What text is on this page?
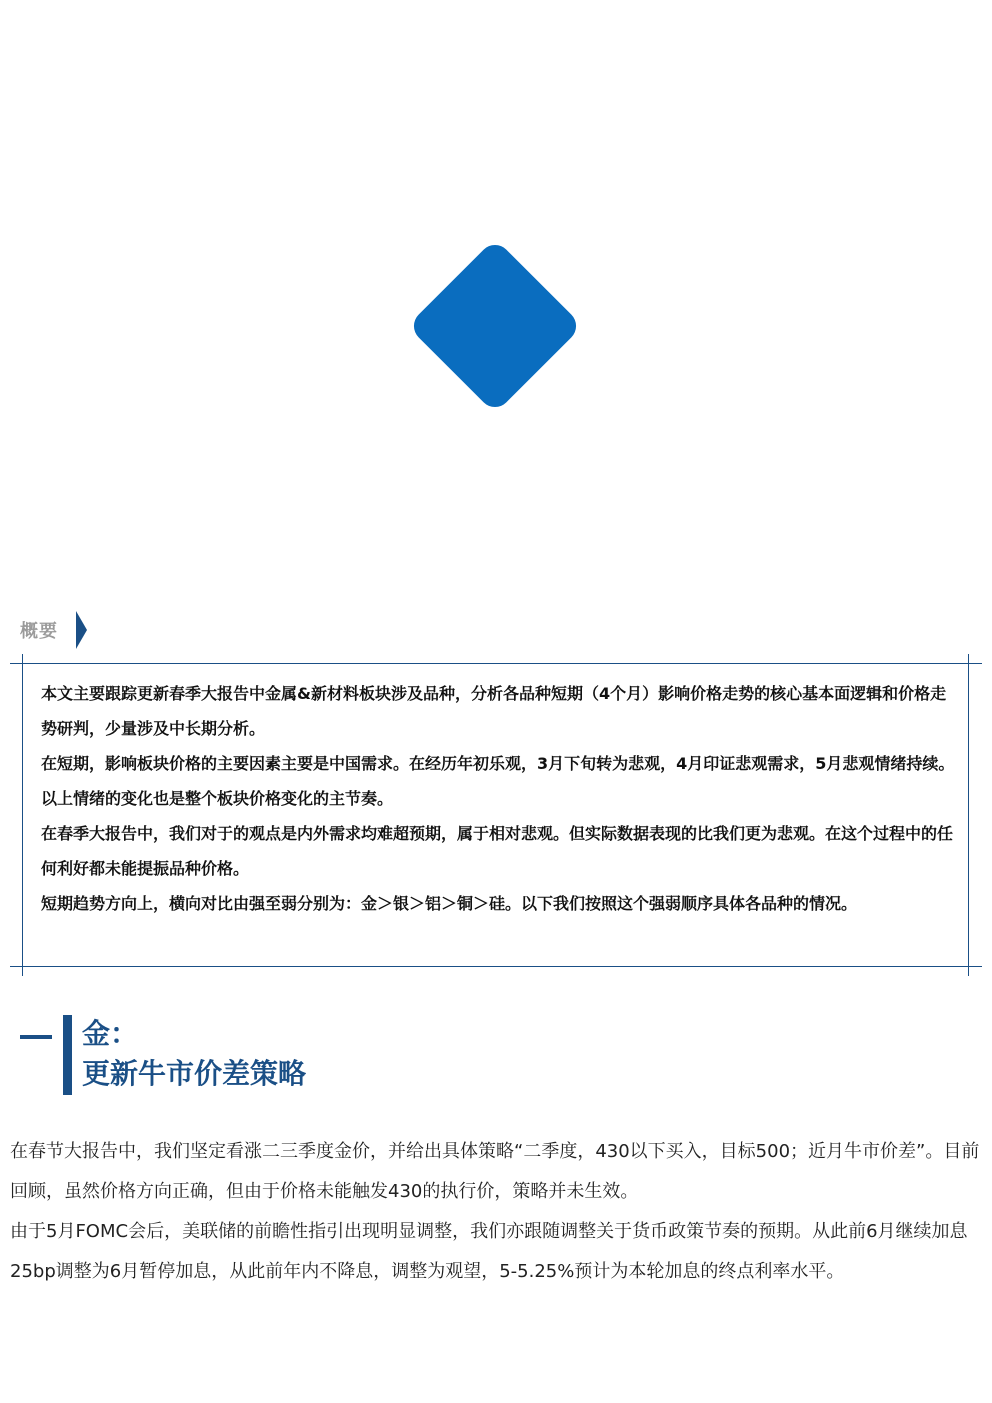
概要

本文主要跟踪更新春季大报告中金属&新材料板块涉及品种，分析各品种短期（4个月）影响价格走势的核心基本面逻辑和价格走势研判，少量涉及中长期分析。

在短期，影响板块价格的主要因素主要是中国需求。在经历年初乐观，3月下旬转为悲观，4月印证悲观需求，5月悲观情绪持续。以上情绪的变化也是整个板块价格变化的主节奏。

在春季大报告中，我们对于的观点是内外需求均难超预期，属于相对悲观。但实际数据表现的比我们更为悲观。在这个过程中的任何利好都未能提振品种价格。

短期趋势方向上，横向对比由强至弱分别为：金＞银＞铝＞铜＞硅。以下我们按照这个强弱顺序具体各品种的情况。

金：
更新牛市价差策略

在春节大报告中，我们坚定看涨二三季度金价，并给出具体策略“二季度，430以下买入，目标500；近月牛市价差”。目前回顾，虽然价格方向正确，但由于价格未能触发430的执行价，策略并未生效。

由于5月FOMC会后，美联储的前瞻性指引出现明显调整，我们亦跟随调整关于货币政策节奏的预期。从此前6月继续加息25bp调整为6月暂停加息，从此前年内不降息，调整为观望，5-5.25%预计为本轮加息的终点利率水平。
